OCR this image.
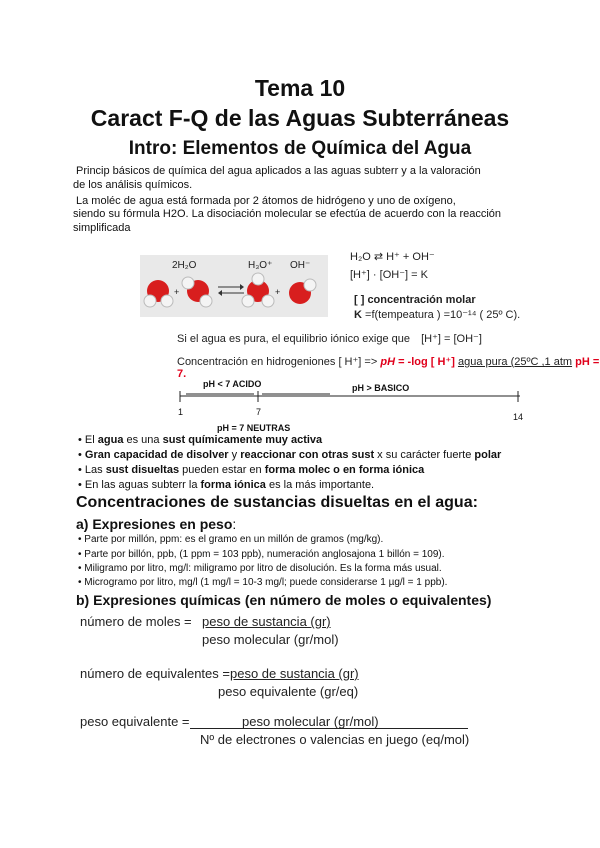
Tema 10
Caract F-Q de las Aguas Subterráneas
Intro: Elementos de Química del Agua
Princip básicos de química del agua aplicados a las aguas subterr y a la valoración
de los análisis químicos.
La moléc de agua está formada por 2 átomos de hidrógeno y uno de oxígeno,
siendo su fórmula H2O. La disociación molecular se efectúa de acuerdo con la reacción
simplificada
2H₂O	H₃O⁺ OH⁻
+	+
H₂O ⇄ H⁺ + OH⁻
[H⁺] · [OH⁻] = K
[ ] concentración molar
K =f(tempeatura ) =10⁻¹⁴ ( 25º C).
Si el agua es pura, el equilibrio iónico exige que [H⁺] = [OH⁻]
Concentración en hidrogeniones [ H⁺] => pH = -log [ H⁺] agua pura (25ºC ,1 atm pH = 7.
pH < 7 ACIDO	pH > BASICO
1	7	14
pH = 7 NEUTRAS
• El agua es una sust químicamente muy activa
• Gran capacidad de disolver y reaccionar con otras sust x su carácter fuerte polar
• Las sust disueltas pueden estar en forma molec o en forma iónica
• En las aguas subterr la forma iónica es la más importante.
Concentraciones de sustancias disueltas en el agua:
a) Expresiones en peso:
• Parte por millón, ppm: es el gramo en un millón de gramos (mg/kg).
• Parte por billón, ppb, (1 ppm = 103 ppb), numeración anglosajona 1 billón = 109).
• Miligramo por litro, mg/l: miligramo por litro de disolución. Es la forma más usual.
• Microgramo por litro, mg/l (1 mg/l = 10-3 mg/l; puede considerarse 1 µg/l = 1 ppb).
b) Expresiones químicas (en número de moles o equivalentes)
número de moles = peso de sustancia (gr)
peso molecular (gr/mol)
número de equivalentes = peso de sustancia (gr)
peso equivalente (gr/eq)
peso equivalente =	peso molecular (gr/mol)
Nº de electrones o valencias en juego (eq/mol)
